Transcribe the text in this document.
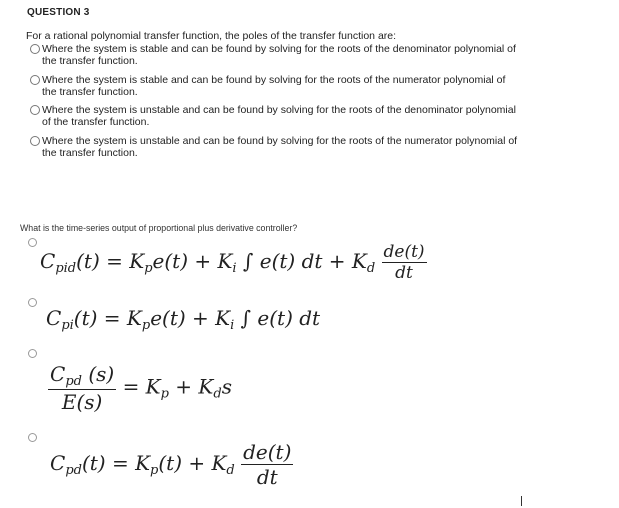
QUESTION 3
For a rational polynomial transfer function, the poles of the transfer function are:
Where the system is stable and can be found by solving for the roots of the denominator polynomial of
the transfer function.
Where the system is stable and can be found by solving for the roots of the numerator polynomial of
the transfer function.
Where the system is unstable and can be found by solving for the roots of the denominator polynomial
of the transfer function.
Where the system is unstable and can be found by solving for the roots of the numerator polynomial of
the transfer function.
What is the time-series output of proportional plus derivative controller?
$C_{pid}(t) = K_pe(t) + K_i$ ∫ e(t) dt + $K_d \frac{de(t)}{dt}$
$C_{pi}(t) = K_pe(t) + K_i$ ∫ e(t) dt
$\frac{C_{pd} (s)}{E(s)} = K_p + K_ds$
$C_{pd}(t) = K_p(t) + K_d \frac{de(t)}{dt}$
